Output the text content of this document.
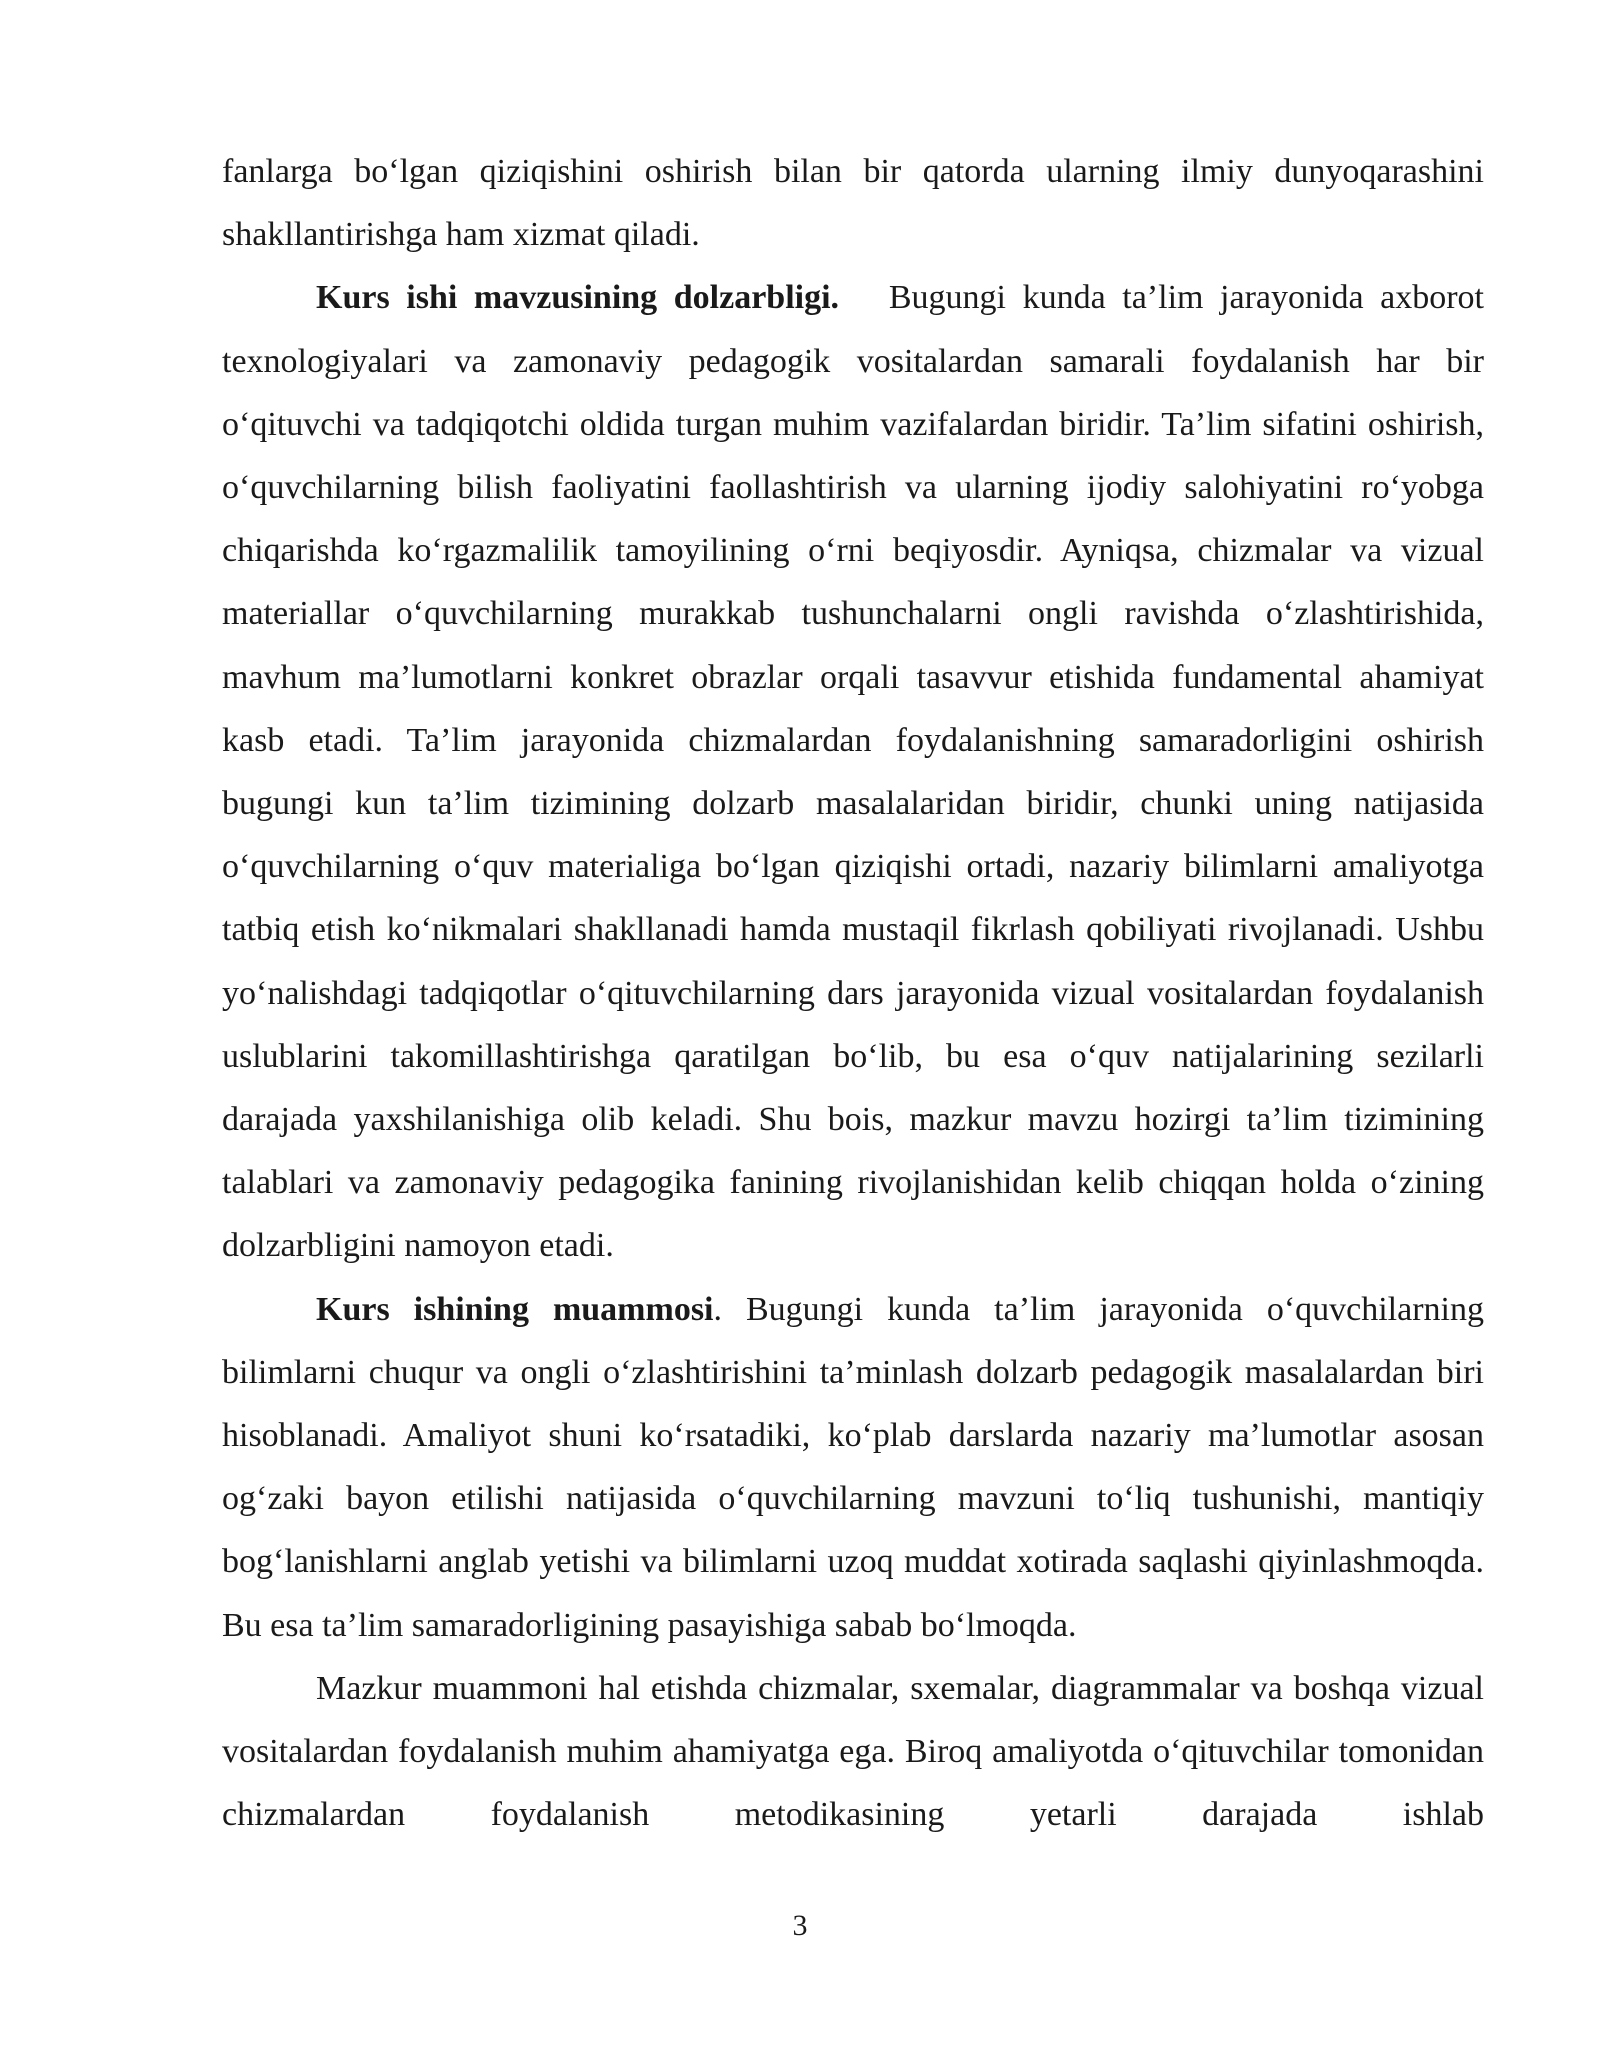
fanlarga bo‘lgan qiziqishini oshirish bilan bir qatorda ularning ilmiy dunyoqarashini shakllantirishga ham xizmat qiladi.

Kurs ishi mavzusining dolzarbligi.   Bugungi kunda ta’lim jarayonida axborot texnologiyalari va zamonaviy pedagogik vositalardan samarali foydalanish har bir o‘qituvchi va tadqiqotchi oldida turgan muhim vazifalardan biridir. Ta’lim sifatini oshirish, o‘quvchilarning bilish faoliyatini faollashtirish va ularning ijodiy salohiyatini ro‘yobga chiqarishda ko‘rgazmalilik tamoyilining o‘rni beqiyosdir. Ayniqsa, chizmalar va vizual materiallar o‘quvchilarning murakkab tushunchalarni ongli ravishda o‘zlashtirishida, mavhum ma’lumotlarni konkret obrazlar orqali tasavvur etishida fundamental ahamiyat kasb etadi. Ta’lim jarayonida chizmalardan foydalanishning samaradorligini oshirish bugungi kun ta’lim tizimining dolzarb masalalaridan biridir, chunki uning natijasida o‘quvchilarning o‘quv materialiga bo‘lgan qiziqishi ortadi, nazariy bilimlarni amaliyotga tatbiq etish ko‘nikmalari shakllanadi hamda mustaqil fikrlash qobiliyati rivojlanadi. Ushbu yo‘nalishdagi tadqiqotlar o‘qituvchilarning dars jarayonida vizual vositalardan foydalanish uslublarini takomillashtirishga qaratilgan bo‘lib, bu esa o‘quv natijalarining sezilarli darajada yaxshilanishiga olib keladi. Shu bois, mazkur mavzu hozirgi ta’lim tizimining talablari va zamonaviy pedagogika fanining rivojlanishidan kelib chiqqan holda o‘zining dolzarbligini namoyon etadi.

Kurs ishining muammosi. Bugungi kunda ta’lim jarayonida o‘quvchilarning bilimlarni chuqur va ongli o‘zlashtirishini ta’minlash dolzarb pedagogik masalalardan biri hisoblanadi. Amaliyot shuni ko‘rsatadiki, ko‘plab darslarda nazariy ma’lumotlar asosan og‘zaki bayon etilishi natijasida o‘quvchilarning mavzuni to‘liq tushunishi, mantiqiy bog‘lanishlarni anglab yetishi va bilimlarni uzoq muddat xotirada saqlashi qiyinlashmoqda. Bu esa ta’lim samaradorligining pasayishiga sabab bo‘lmoqda.

Mazkur muammoni hal etishda chizmalar, sxemalar, diagrammalar va boshqa vizual vositalardan foydalanish muhim ahamiyatga ega. Biroq amaliyotda o‘qituvchilar tomonidan chizmalardan foydalanish metodikasining yetarli darajada ishlab

3
